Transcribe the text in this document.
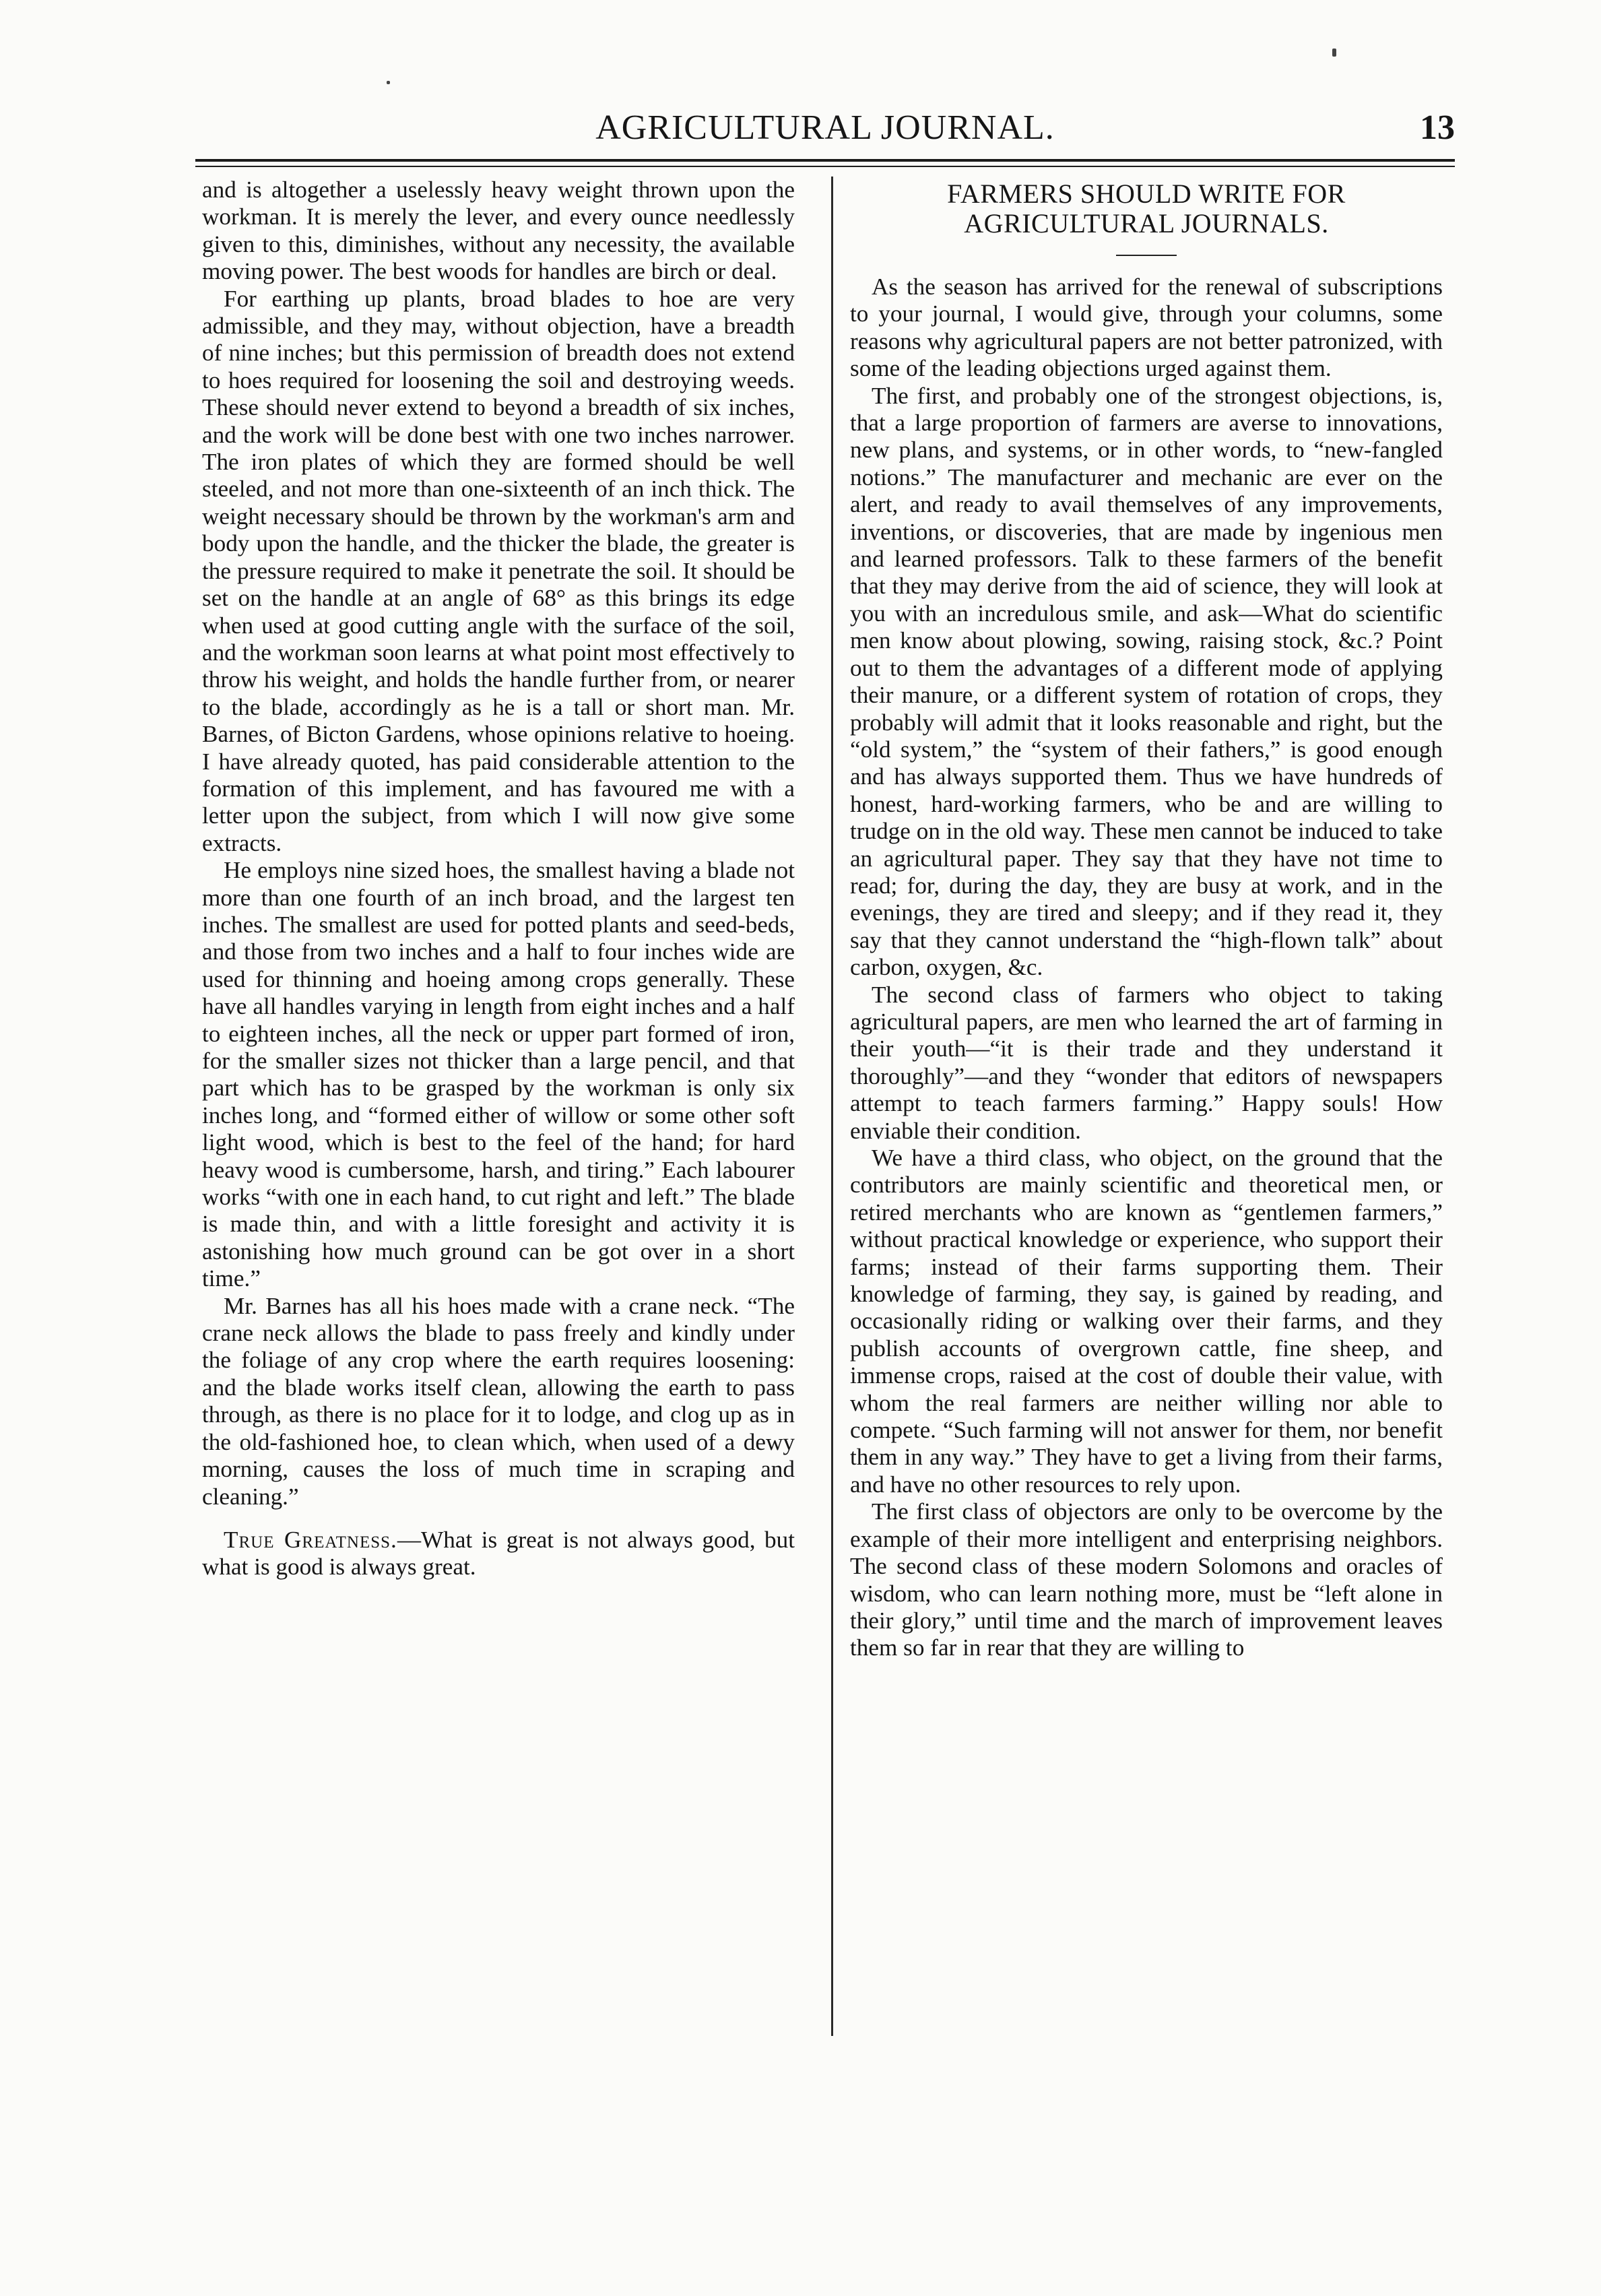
AGRICULTURAL JOURNAL.	13

and is altogether a uselessly heavy weight thrown upon the workman. It is merely the lever, and every ounce needlessly given to this, diminishes, without any necessity, the available moving power. The best woods for handles are birch or deal.

For earthing up plants, broad blades to hoe are very admissible, and they may, without objection, have a breadth of nine inches; but this permission of breadth does not extend to hoes required for loosening the soil and destroying weeds. These should never extend to beyond a breadth of six inches, and the work will be done best with one two inches narrower. The iron plates of which they are formed should be well steeled, and not more than one-sixteenth of an inch thick. The weight necessary should be thrown by the workman's arm and body upon the handle, and the thicker the blade, the greater is the pressure required to make it penetrate the soil. It should be set on the handle at an angle of 68° as this brings its edge when used at good cutting angle with the surface of the soil, and the workman soon learns at what point most effectively to throw his weight, and holds the handle further from, or nearer to the blade, accordingly as he is a tall or short man. Mr. Barnes, of Bicton Gardens, whose opinions relative to hoeing. I have already quoted, has paid considerable attention to the formation of this implement, and has favoured me with a letter upon the subject, from which I will now give some extracts.

He employs nine sized hoes, the smallest having a blade not more than one fourth of an inch broad, and the largest ten inches. The smallest are used for potted plants and seed-beds, and those from two inches and a half to four inches wide are used for thinning and hoeing among crops generally. These have all handles varying in length from eight inches and a half to eighteen inches, all the neck or upper part formed of iron, for the smaller sizes not thicker than a large pencil, and that part which has to be grasped by the workman is only six inches long, and “formed either of willow or some other soft light wood, which is best to the feel of the hand; for hard heavy wood is cumbersome, harsh, and tiring.” Each labourer works “with one in each hand, to cut right and left.” The blade is made thin, and with a little foresight and activity it is astonishing how much ground can be got over in a short time.”

Mr. Barnes has all his hoes made with a crane neck. “The crane neck allows the blade to pass freely and kindly under the foliage of any crop where the earth requires loosening: and the blade works itself clean, allowing the earth to pass through, as there is no place for it to lodge, and clog up as in the old-fashioned hoe, to clean which, when used of a dewy morning, causes the loss of much time in scraping and cleaning.”

True Greatness.—What is great is not always good, but what is good is always great.

FARMERS SHOULD WRITE FOR AGRICULTURAL JOURNALS.

As the season has arrived for the renewal of subscriptions to your journal, I would give, through your columns, some reasons why agricultural papers are not better patronized, with some of the leading objections urged against them.

The first, and probably one of the strongest objections, is, that a large proportion of farmers are averse to innovations, new plans, and systems, or in other words, to “new-fangled notions.” The manufacturer and mechanic are ever on the alert, and ready to avail themselves of any improvements, inventions, or discoveries, that are made by ingenious men and learned professors. Talk to these farmers of the benefit that they may derive from the aid of science, they will look at you with an incredulous smile, and ask—What do scientific men know about plowing, sowing, raising stock, &c.? Point out to them the advantages of a different mode of applying their manure, or a different system of rotation of crops, they probably will admit that it looks reasonable and right, but the “old system,” the “system of their fathers,” is good enough and has always supported them. Thus we have hundreds of honest, hard-working farmers, who be and are willing to trudge on in the old way. These men cannot be induced to take an agricultural paper. They say that they have not time to read; for, during the day, they are busy at work, and in the evenings, they are tired and sleepy; and if they read it, they say that they cannot understand the “high-flown talk” about carbon, oxygen, &c.

The second class of farmers who object to taking agricultural papers, are men who learned the art of farming in their youth—“it is their trade and they understand it thoroughly”—and they “wonder that editors of newspapers attempt to teach farmers farming.” Happy souls! How enviable their condition.

We have a third class, who object, on the ground that the contributors are mainly scientific and theoretical men, or retired merchants who are known as “gentlemen farmers,” without practical knowledge or experience, who support their farms; instead of their farms supporting them. Their knowledge of farming, they say, is gained by reading, and occasionally riding or walking over their farms, and they publish accounts of overgrown cattle, fine sheep, and immense crops, raised at the cost of double their value, with whom the real farmers are neither willing nor able to compete. “Such farming will not answer for them, nor benefit them in any way.” They have to get a living from their farms, and have no other resources to rely upon.

The first class of objectors are only to be overcome by the example of their more intelligent and enterprising neighbors. The second class of these modern Solomons and oracles of wisdom, who can learn nothing more, must be “left alone in their glory,” until time and the march of improvement leaves them so far in rear that they are willing to
